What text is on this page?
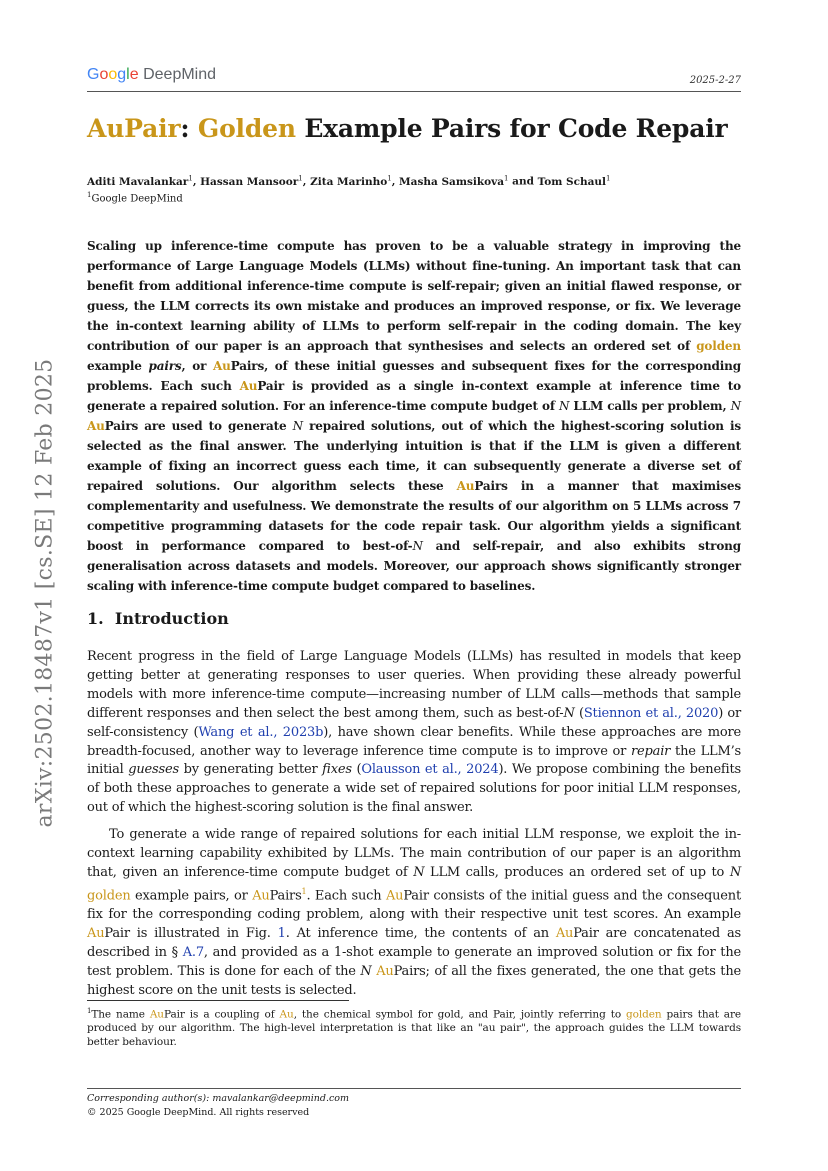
Google DeepMind	2025-2-27
AuPair: Golden Example Pairs for Code Repair
Aditi Mavalankar$^1$, Hassan Mansoor$^1$, Zita Marinho$^1$, Masha Samsikova$^1$ and Tom Schaul$^1$
$^1$Google DeepMind
Scaling up inference-time compute has proven to be a valuable strategy in improving the performance of Large Language Models (LLMs) without fine-tuning. An important task that can benefit from additional inference-time compute is self-repair; given an initial flawed response, or guess, the LLM corrects its own mistake and produces an improved response, or fix. We leverage the in-context learning ability of LLMs to perform self-repair in the coding domain. The key contribution of our paper is an approach that synthesises and selects an ordered set of golden example pairs, or AuPairs, of these initial guesses and subsequent fixes for the corresponding problems. Each such AuPair is provided as a single in-context example at inference time to generate a repaired solution. For an inference-time compute budget of N LLM calls per problem, N AuPairs are used to generate N repaired solutions, out of which the highest-scoring solution is selected as the final answer. The underlying intuition is that if the LLM is given a different example of fixing an incorrect guess each time, it can subsequently generate a diverse set of repaired solutions. Our algorithm selects these AuPairs in a manner that maximises complementarity and usefulness. We demonstrate the results of our algorithm on 5 LLMs across 7 competitive programming datasets for the code repair task. Our algorithm yields a significant boost in performance compared to best-of-N and self-repair, and also exhibits strong generalisation across datasets and models. Moreover, our approach shows significantly stronger scaling with inference-time compute budget compared to baselines.
arXiv:2502.18487v1 [cs.SE] 12 Feb 2025 1. Introduction
Recent progress in the field of Large Language Models (LLMs) has resulted in models that keep getting better at generating responses to user queries. When providing these already powerful models with more inference-time compute—increasing number of LLM calls—methods that sample different responses and then select the best among them, such as best-of-N (Stiennon et al., 2020) or self-consistency (Wang et al., 2023b), have shown clear benefits. While these approaches are more breadth-focused, another way to leverage inference time compute is to improve or repair the LLM’s initial guesses by generating better fixes (Olausson et al., 2024). We propose combining the benefits of both these approaches to generate a wide set of repaired solutions for poor initial LLM responses, out of which the highest-scoring solution is the final answer.
To generate a wide range of repaired solutions for each initial LLM response, we exploit the in-context learning capability exhibited by LLMs. The main contribution of our paper is an algorithm that, given an inference-time compute budget of N LLM calls, produces an ordered set of up to N golden example pairs, or AuPairs$^1$. Each such AuPair consists of the initial guess and the consequent fix for the corresponding coding problem, along with their respective unit test scores. An example AuPair is illustrated in Fig. 1. At inference time, the contents of an AuPair are concatenated as described in § A.7, and provided as a 1-shot example to generate an improved solution or fix for the test problem. This is done for each of the N AuPairs; of all the fixes generated, the one that gets the highest score on the unit tests is selected.
$^1$The name AuPair is a coupling of Au, the chemical symbol for gold, and Pair, jointly referring to golden pairs that are produced by our algorithm. The high-level interpretation is that like an "au pair", the approach guides the LLM towards better behaviour.
Corresponding author(s): mavalankar@deepmind.com
© 2025 Google DeepMind. All rights reserved
